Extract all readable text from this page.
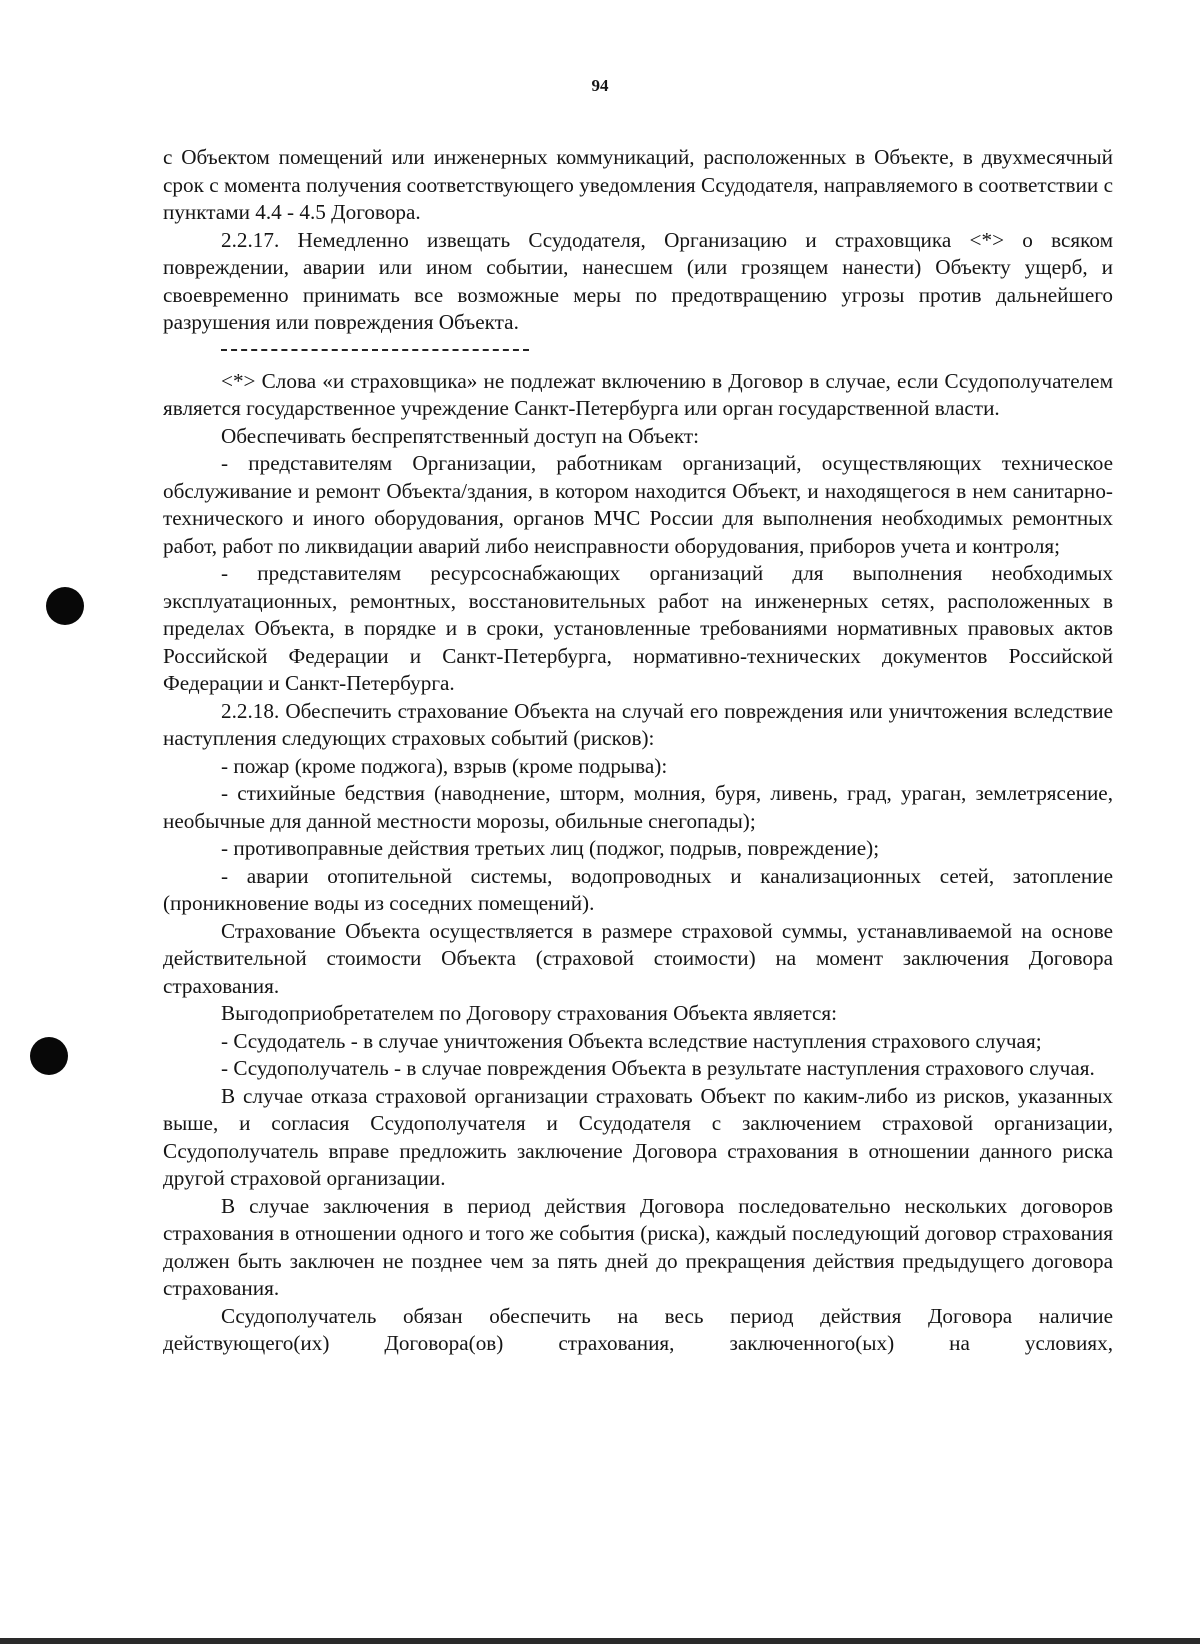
94

с Объектом помещений или инженерных коммуникаций, расположенных в Объекте, в двухмесячный срок с момента получения соответствующего уведомления Ссудодателя, направляемого в соответствии с пунктами 4.4 - 4.5 Договора.

2.2.17. Немедленно извещать Ссудодателя, Организацию и страховщика <*> о всяком повреждении, аварии или ином событии, нанесшем (или грозящем нанести) Объекту ущерб, и своевременно принимать все возможные меры по предотвращению угрозы против дальнейшего разрушения или повреждения Объекта.

<*> Слова «и страховщика» не подлежат включению в Договор в случае, если Ссудополучателем является государственное учреждение Санкт-Петербурга или орган государственной власти.

Обеспечивать беспрепятственный доступ на Объект:

- представителям Организации, работникам организаций, осуществляющих техническое обслуживание и ремонт Объекта/здания, в котором находится Объект, и находящегося в нем санитарно-технического и иного оборудования, органов МЧС России для выполнения необходимых ремонтных работ, работ по ликвидации аварий либо неисправности оборудования, приборов учета и контроля;

- представителям ресурсоснабжающих организаций для выполнения необходимых эксплуатационных, ремонтных, восстановительных работ на инженерных сетях, расположенных в пределах Объекта, в порядке и в сроки, установленные требованиями нормативных правовых актов Российской Федерации и Санкт-Петербурга, нормативно-технических документов Российской Федерации и Санкт-Петербурга.

2.2.18. Обеспечить страхование Объекта на случай его повреждения или уничтожения вследствие наступления следующих страховых событий (рисков):

- пожар (кроме поджога), взрыв (кроме подрыва):

- стихийные бедствия (наводнение, шторм, молния, буря, ливень, град, ураган, землетрясение, необычные для данной местности морозы, обильные снегопады);

- противоправные действия третьих лиц (поджог, подрыв, повреждение);

- аварии отопительной системы, водопроводных и канализационных сетей, затопление (проникновение воды из соседних помещений).

Страхование Объекта осуществляется в размере страховой суммы, устанавливаемой на основе действительной стоимости Объекта (страховой стоимости) на момент заключения Договора страхования.

Выгодоприобретателем по Договору страхования Объекта является:

- Ссудодатель - в случае уничтожения Объекта вследствие наступления страхового случая;

- Ссудополучатель - в случае повреждения Объекта в результате наступления страхового случая.

В случае отказа страховой организации страховать Объект по каким-либо из рисков, указанных выше, и согласия Ссудополучателя и Ссудодателя с заключением страховой организации, Ссудополучатель вправе предложить заключение Договора страхования в отношении данного риска другой страховой организации.

В случае заключения в период действия Договора последовательно нескольких договоров страхования в отношении одного и того же события (риска), каждый последующий договор страхования должен быть заключен не позднее чем за пять дней до прекращения действия предыдущего договора страхования.

Ссудополучатель обязан обеспечить на весь период действия Договора наличие действующего(их) Договора(ов) страхования, заключенного(ых) на условиях,
